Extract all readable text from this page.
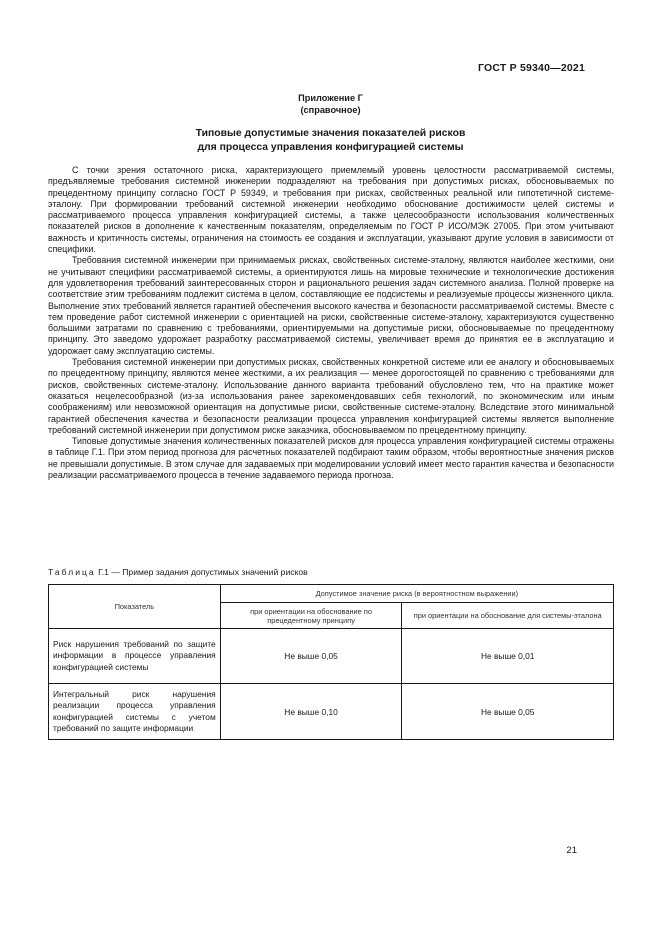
ГОСТ Р 59340—2021
Приложение Г
(справочное)
Типовые допустимые значения показателей рисков
для процесса управления конфигурацией системы

С точки зрения остаточного риска, характеризующего приемлемый уровень целостности рассматриваемой системы, предъявляемые требования системной инженерии подразделяют на требования при допустимых рисках, обосновываемых по прецедентному принципу согласно ГОСТ Р 59349, и требования при рисках, свойственных реальной или гипотетичной системе-эталону. При формировании требований системной инженерии необходимо обоснование достижимости целей системы и рассматриваемого процесса управления конфигурацией системы, а также целесообразности использования количественных показателей рисков в дополнение к качественным показателям, определяемым по ГОСТ Р ИСО/МЭК 27005. При этом учитывают важность и критичность системы, ограничения на стоимость ее создания и эксплуатации, указывают другие условия в зависимости от специфики.

Требования системной инженерии при принимаемых рисках, свойственных системе-эталону, являются наиболее жесткими, они не учитывают специфики рассматриваемой системы, а ориентируются лишь на мировые технические и технологические достижения для удовлетворения требований заинтересованных сторон и рационального решения задач системного анализа. Полной проверке на соответствие этим требованиям подлежит система в целом, составляющие ее подсистемы и реализуемые процессы жизненного цикла. Выполнение этих требований является гарантией обеспечения высокого качества и безопасности рассматриваемой системы. Вместе с тем проведение работ системной инженерии с ориентацией на риски, свойственные системе-эталону, характеризуются существенно большими затратами по сравнению с требованиями, ориентируемыми на допустимые риски, обосновываемые по прецедентному принципу. Это заведомо удорожает разработку рассматриваемой системы, увеличивает время до принятия ее в эксплуатацию и удорожает саму эксплуатацию системы.

Требования системной инженерии при допустимых рисках, свойственных конкретной системе или ее аналогу и обосновываемых по прецедентному принципу, являются менее жесткими, а их реализация — менее дорогостоящей по сравнению с требованиями для рисков, свойственных системе-эталону. Использование данного варианта требований обусловлено тем, что на практике может оказаться нецелесообразной (из-за использования ранее зарекомендовавших себя технологий, по экономическим или иным соображениям) или невозможной ориентация на допустимые риски, свойственные системе-эталону. Вследствие этого минимальной гарантией обеспечения качества и безопасности реализации процесса управления конфигурацией системы является выполнение требований системной инженерии при допустимом риске заказчика, обосновываемом по прецедентному принципу.

Типовые допустимые значения количественных показателей рисков для процесса управления конфигурацией системы отражены в таблице Г.1. При этом период прогноза для расчетных показателей подбирают таким образом, чтобы вероятностные значения рисков не превышали допустимые. В этом случае для задаваемых при моделировании условий имеет место гарантия качества и безопасности реализации рассматриваемого процесса в течение задаваемого периода прогноза.

Таблица Г.1 — Пример задания допустимых значений рисков
Показатель	Допустимое значение риска (в вероятностном выражении)	
	при ориентации на обоснование по прецедентному принципу	при ориентации на обоснование для системы-эталона
Риск нарушения требований по защите информации в процессе управления конфигурацией системы	Не выше 0,05	Не выше 0,01
Интегральный риск нарушения реализации процесса управления конфигурацией системы с учетом требований по защите информации	Не выше 0,10	Не выше 0,05
21
